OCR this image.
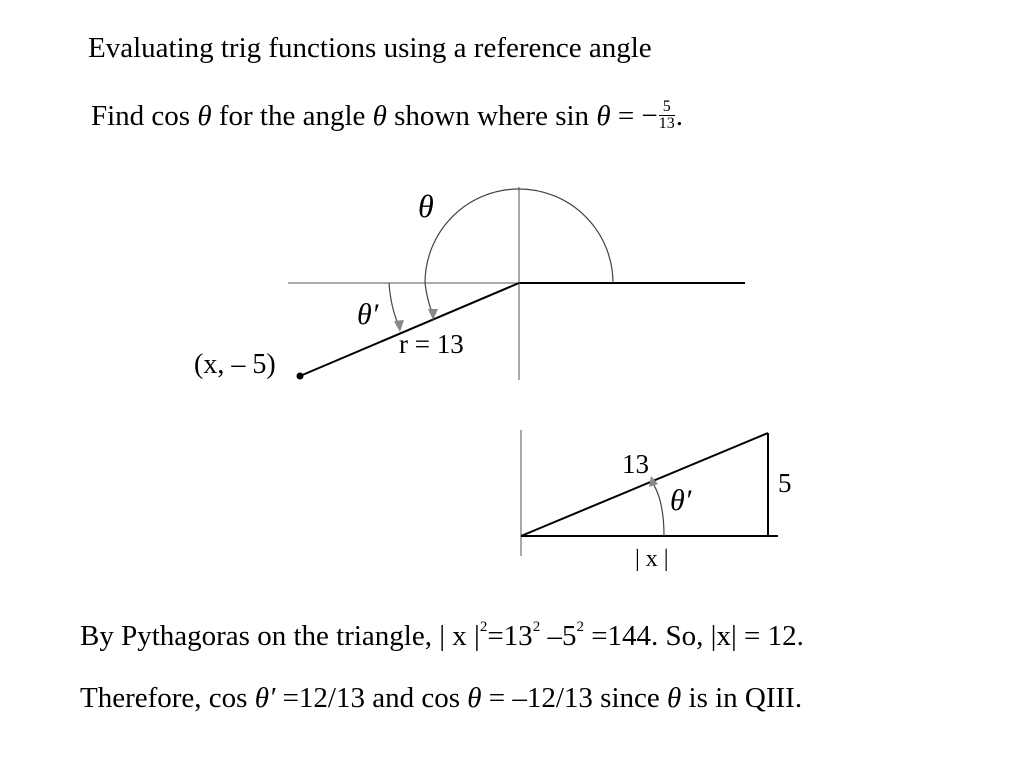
Evaluating trig functions using a reference angle
Find cos θ for the angle θ shown where sin θ = − $\frac{5}{13}$ .
θ
θ′
r = 13
(x, – 5)
13
5
| x |
θ′
By Pythagoras on the triangle, | x $|^2=13^2$ $-5^2 =144$. So, |x| = 12.
Therefore, cos θ′ =12/13 and cos θ = –12/13 since θ is in QIII.
